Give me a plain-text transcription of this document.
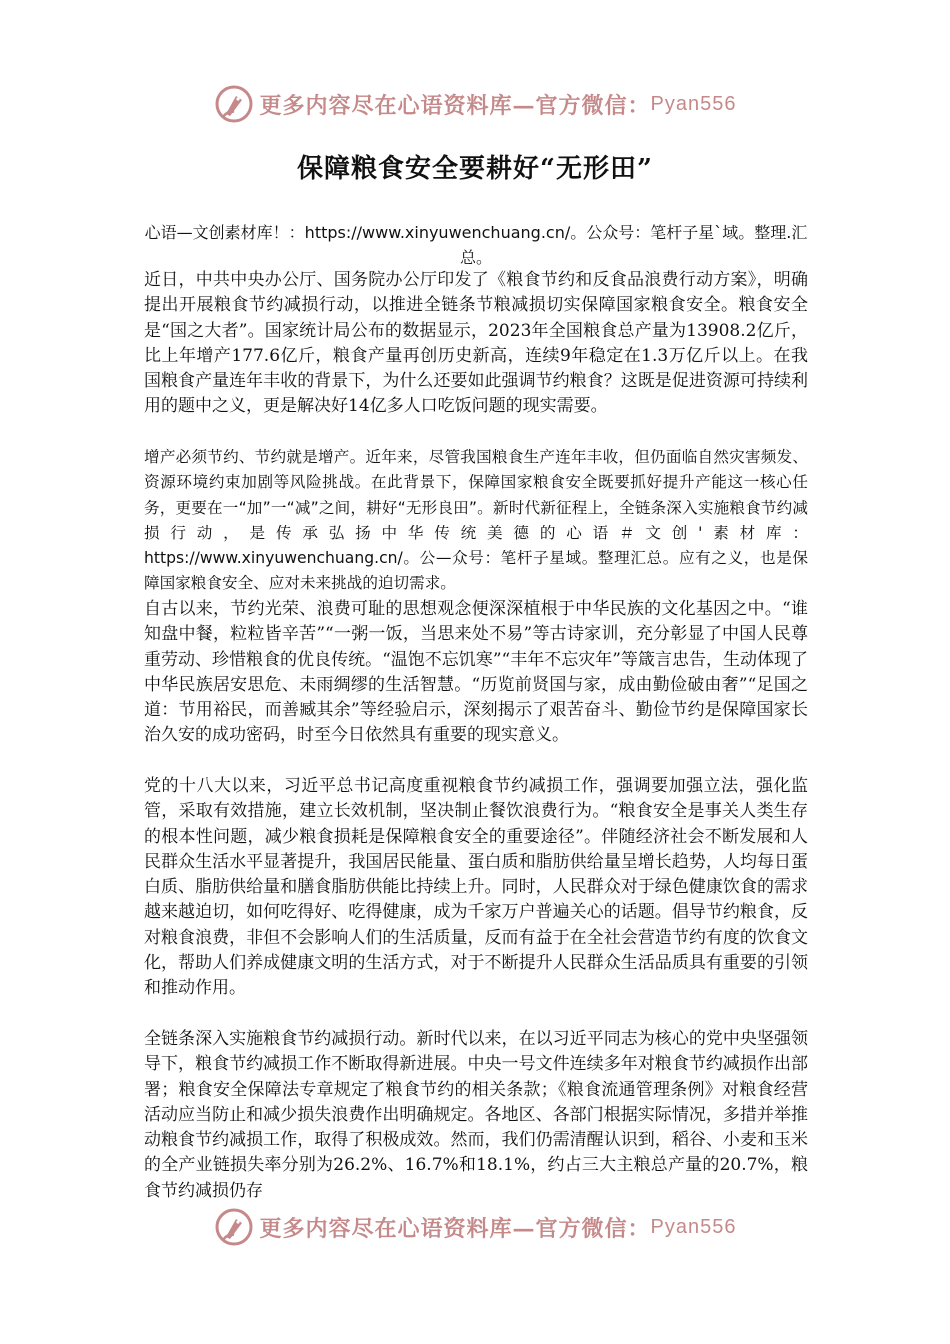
更多内容尽在心语资料库—官方微信： Pyan556
保障粮食安全要耕好“无形田”
心语—文创素材库！：https://www.xinyuwenchuang.cn/。公众号：笔杆子星`域。整理.汇总。

近日，中共中央办公厅、国务院办公厅印发了《粮食节约和反食品浪费行动方案》，明确提出开展粮食节约减损行动，以推进全链条节粮减损切实保障国家粮食安全。粮食安全是“国之大者”。国家统计局公布的数据显示，2023年全国粮食总产量为13908.2亿斤，比上年增产177.6亿斤，粮食产量再创历史新高，连续9年稳定在1.3万亿斤以上。在我国粮食产量连年丰收的背景下，为什么还要如此强调节约粮食？这既是促进资源可持续利用的题中之义，更是解决好14亿多人口吃饭问题的现实需要。

增产必须节约、节约就是增产。近年来，尽管我国粮食生产连年丰收，但仍面临自然灾害频发、资源环境约束加剧等风险挑战。在此背景下，保障国家粮食安全既要抓好提升产能这一核心任务，更要在一“加”一“减”之间，耕好“无形良田”。新时代新征程上，全链条深入实施粮食节约减损行动，是传承弘扬中华传统美德的心语＃文创'素材库：https://www.xinyuwenchuang.cn/。公—众号：笔杆子星域。整理汇总。应有之义，也是保障国家粮食安全、应对未来挑战的迫切需求。

自古以来，节约光荣、浪费可耻的思想观念便深深植根于中华民族的文化基因之中。“谁知盘中餐，粒粒皆辛苦”“一粥一饭，当思来处不易”等古诗家训，充分彰显了中国人民尊重劳动、珍惜粮食的优良传统。“温饱不忘饥寒”“丰年不忘灾年”等箴言忠告，生动体现了中华民族居安思危、未雨绸缪的生活智慧。“历览前贤国与家，成由勤俭破由奢”“足国之道：节用裕民，而善臧其余”等经验启示，深刻揭示了艰苦奋斗、勤俭节约是保障国家长治久安的成功密码，时至今日依然具有重要的现实意义。

党的十八大以来，习近平总书记高度重视粮食节约减损工作，强调要加强立法，强化监管，采取有效措施，建立长效机制，坚决制止餐饮浪费行为。“粮食安全是事关人类生存的根本性问题，减少粮食损耗是保障粮食安全的重要途径”。伴随经济社会不断发展和人民群众生活水平显著提升，我国居民能量、蛋白质和脂肪供给量呈增长趋势，人均每日蛋白质、脂肪供给量和膳食脂肪供能比持续上升。同时，人民群众对于绿色健康饮食的需求越来越迫切，如何吃得好、吃得健康，成为千家万户普遍关心的话题。倡导节约粮食，反对粮食浪费，非但不会影响人们的生活质量，反而有益于在全社会营造节约有度的饮食文化，帮助人们养成健康文明的生活方式，对于不断提升人民群众生活品质具有重要的引领和推动作用。

全链条深入实施粮食节约减损行动。新时代以来，在以习近平同志为核心的党中央坚强领导下，粮食节约减损工作不断取得新进展。中央一号文件连续多年对粮食节约减损作出部署；粮食安全保障法专章规定了粮食节约的相关条款；《粮食流通管理条例》对粮食经营活动应当防止和减少损失浪费作出明确规定。各地区、各部门根据实际情况，多措并举推动粮食节约减损工作，取得了积极成效。然而，我们仍需清醒认识到，稻谷、小麦和玉米的全产业链损失率分别为26.2%、16.7%和18.1%，约占三大主粮总产量的20.7%，粮食节约减损仍存

更多内容尽在心语资料库—官方微信： Pyan556
